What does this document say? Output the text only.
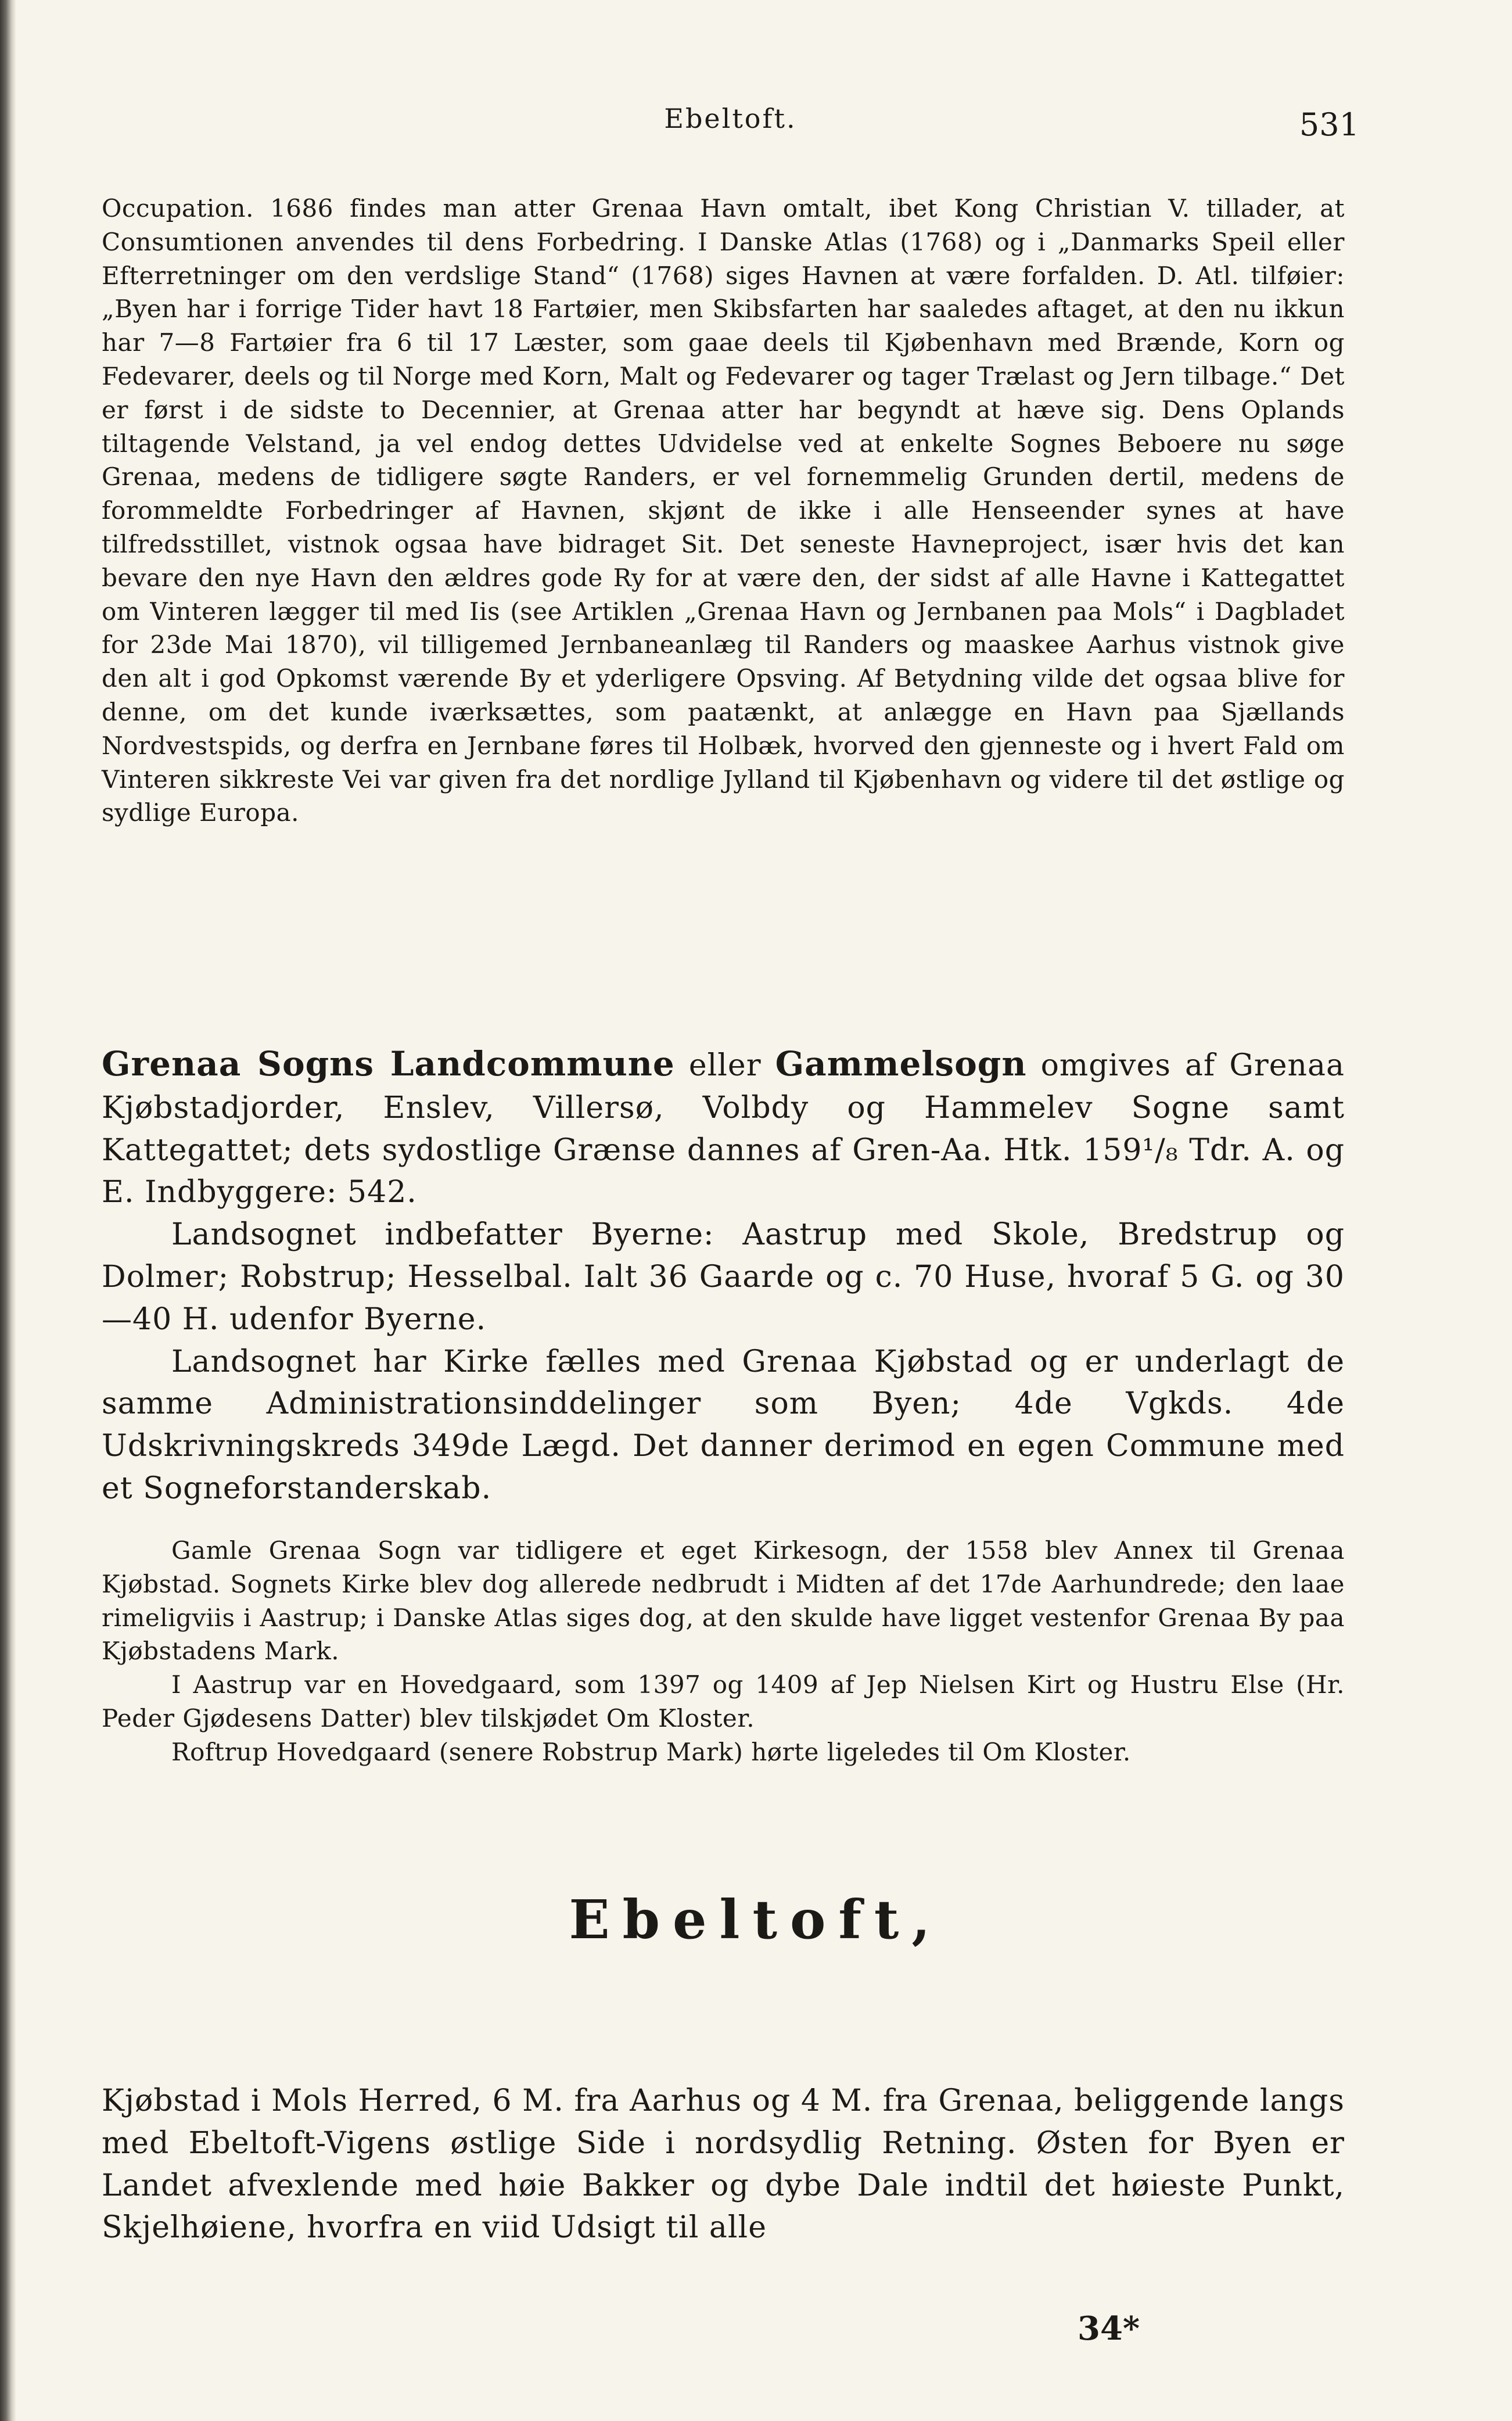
Ebeltoft.	531

Occupation. 1686 findes man atter Grenaa Havn omtalt, ibet Kong Christian V. tillader, at Consumtionen anvendes til dens Forbedring. I Danske Atlas (1768) og i „Danmarks Speil eller Efterretninger om den verdslige Stand“ (1768) siges Havnen at være forfalden. D. Atl. tilføier: „Byen har i forrige Tider havt 18 Fartøier, men Skibsfarten har saaledes aftaget, at den nu ikkun har 7—8 Fartøier fra 6 til 17 Læster, som gaae deels til Kjøbenhavn med Brænde, Korn og Fedevarer, deels og til Norge med Korn, Malt og Fedevarer og tager Trælast og Jern tilbage.“ Det er først i de sidste to Decennier, at Grenaa atter har begyndt at hæve sig. Dens Oplands tiltagende Velstand, ja vel endog dettes Udvidelse ved at enkelte Sognes Beboere nu søge Grenaa, medens de tidligere søgte Randers, er vel fornemmelig Grunden dertil, medens de forommeldte Forbedringer af Havnen, skjønt de ikke i alle Henseender synes at have tilfredsstillet, vistnok ogsaa have bidraget Sit. Det seneste Havneproject, især hvis det kan bevare den nye Havn den ældres gode Ry for at være den, der sidst af alle Havne i Kattegattet om Vinteren lægger til med Iis (see Artiklen „Grenaa Havn og Jernbanen paa Mols“ i Dagbladet for 23de Mai 1870), vil tilligemed Jernbaneanlæg til Randers og maaskee Aarhus vistnok give den alt i god Opkomst værende By et yderligere Opsving. Af Betydning vilde det ogsaa blive for denne, om det kunde iværksættes, som paatænkt, at anlægge en Havn paa Sjællands Nordvestspids, og derfra en Jernbane føres til Holbæk, hvorved den gjenneste og i hvert Fald om Vinteren sikkreste Vei var given fra det nordlige Jylland til Kjøbenhavn og videre til det østlige og sydlige Europa.

Grenaa Sogns Landcommune eller Gammelsogn omgives af Grenaa Kjøbstadjorder, Enslev, Villersø, Volbdy og Hammelev Sogne samt Kattegattet; dets sydostlige Grænse dannes af Gren-Aa. Htk. 159¹/₈ Tdr. A. og E. Indbyggere: 542.

Landsognet indbefatter Byerne: Aastrup med Skole, Bredstrup og Dolmer; Robstrup; Hesselbal. Ialt 36 Gaarde og c. 70 Huse, hvoraf 5 G. og 30—40 H. udenfor Byerne.

Landsognet har Kirke fælles med Grenaa Kjøbstad og er underlagt de samme Administrationsinddelinger som Byen; 4de Vgkds. 4de Udskrivningskreds 349de Lægd. Det danner derimod en egen Commune med et Sogneforstanderskab.

Gamle Grenaa Sogn var tidligere et eget Kirkesogn, der 1558 blev Annex til Grenaa Kjøbstad. Sognets Kirke blev dog allerede nedbrudt i Midten af det 17de Aarhundrede; den laae rimeligviis i Aastrup; i Danske Atlas siges dog, at den skulde have ligget vestenfor Grenaa By paa Kjøbstadens Mark.

I Aastrup var en Hovedgaard, som 1397 og 1409 af Jep Nielsen Kirt og Hustru Else (Hr. Peder Gjødesens Datter) blev tilskjødet Om Kloster.

Roftrup Hovedgaard (senere Robstrup Mark) hørte ligeledes til Om Kloster.

Ebeltoft,

Kjøbstad i Mols Herred, 6 M. fra Aarhus og 4 M. fra Grenaa, beliggende langs med Ebeltoft-Vigens østlige Side i nordsydlig Retning. Østen for Byen er Landet afvexlende med høie Bakker og dybe Dale indtil det høieste Punkt, Skjelhøiene, hvorfra en viid Udsigt til alle

34*
